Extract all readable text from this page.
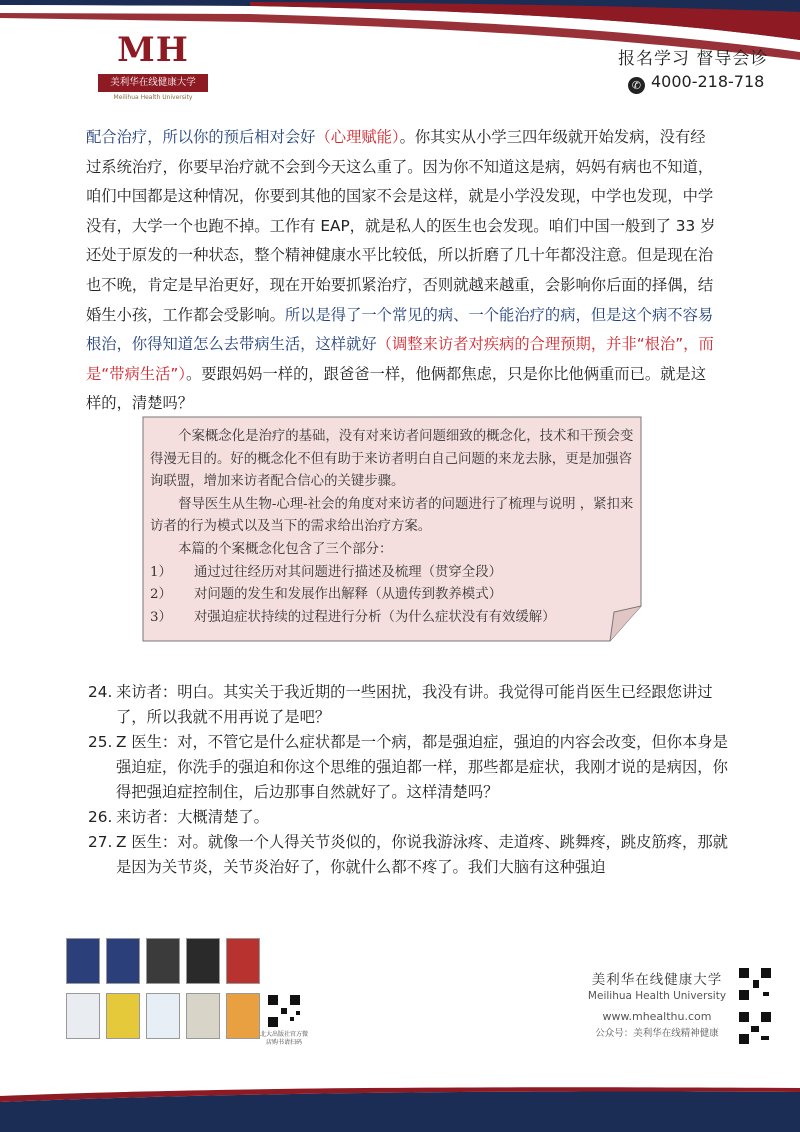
MH
美利华在线健康大学
Meilihua Health University
报名学习 督导会诊
✆ 4000-218-718

配合治疗，所以你的预后相对会好（心理赋能）。你其实从小学三四年级就开始发病，没有经过系统治疗，你要早治疗就不会到今天这么重了。因为你不知道这是病，妈妈有病也不知道，咱们中国都是这种情况，你要到其他的国家不会是这样，就是小学没发现，中学也发现，中学没有，大学一个也跑不掉。工作有 EAP，就是私人的医生也会发现。咱们中国一般到了 33 岁还处于原发的一种状态，整个精神健康水平比较低，所以折磨了几十年都没注意。但是现在治也不晚，肯定是早治更好，现在开始要抓紧治疗，否则就越来越重，会影响你后面的择偶，结婚生小孩，工作都会受影响。所以是得了一个常见的病、一个能治疗的病，但是这个病不容易根治，你得知道怎么去带病生活，这样就好（调整来访者对疾病的合理预期，并非“根治”，而是“带病生活”）。要跟妈妈一样的，跟爸爸一样，他俩都焦虑，只是你比他俩重而已。就是这样的，清楚吗？

个案概念化是治疗的基础，没有对来访者问题细致的概念化，技术和干预会变得漫无目的。好的概念化不但有助于来访者明白自己问题的来龙去脉，更是加强咨询联盟，增加来访者配合信心的关键步骤。
督导医生从生物-心理-社会的角度对来访者的问题进行了梳理与说明 ，紧扣来访者的行为模式以及当下的需求给出治疗方案。
本篇的个案概念化包含了三个部分：
1） 通过过往经历对其问题进行描述及梳理（贯穿全段）
2） 对问题的发生和发展作出解释（从遗传到教养模式）
3） 对强迫症状持续的过程进行分析（为什么症状没有有效缓解）
24. 来访者：明白。其实关于我近期的一些困扰，我没有讲。我觉得可能肖医生已经跟您讲过了，所以我就不用再说了是吧？
25. Z 医生：对，不管它是什么症状都是一个病，都是强迫症，强迫的内容会改变，但你本身是强迫症，你洗手的强迫和你这个思维的强迫都一样，那些都是症状，我刚才说的是病因，你得把强迫症控制住，后边那事自然就好了。这样清楚吗？
26. 来访者：大概清楚了。
27. Z 医生：对。就像一个人得关节炎似的，你说我游泳疼、走道疼、跳舞疼，跳皮筋疼，那就是因为关节炎，关节炎治好了，你就什么都不疼了。我们大脑有这种强迫
北大出版社官方微店购书请扫码
美利华在线健康大学
Meilihua Health University
www.mhealthu.com
公众号：美利华在线精神健康
